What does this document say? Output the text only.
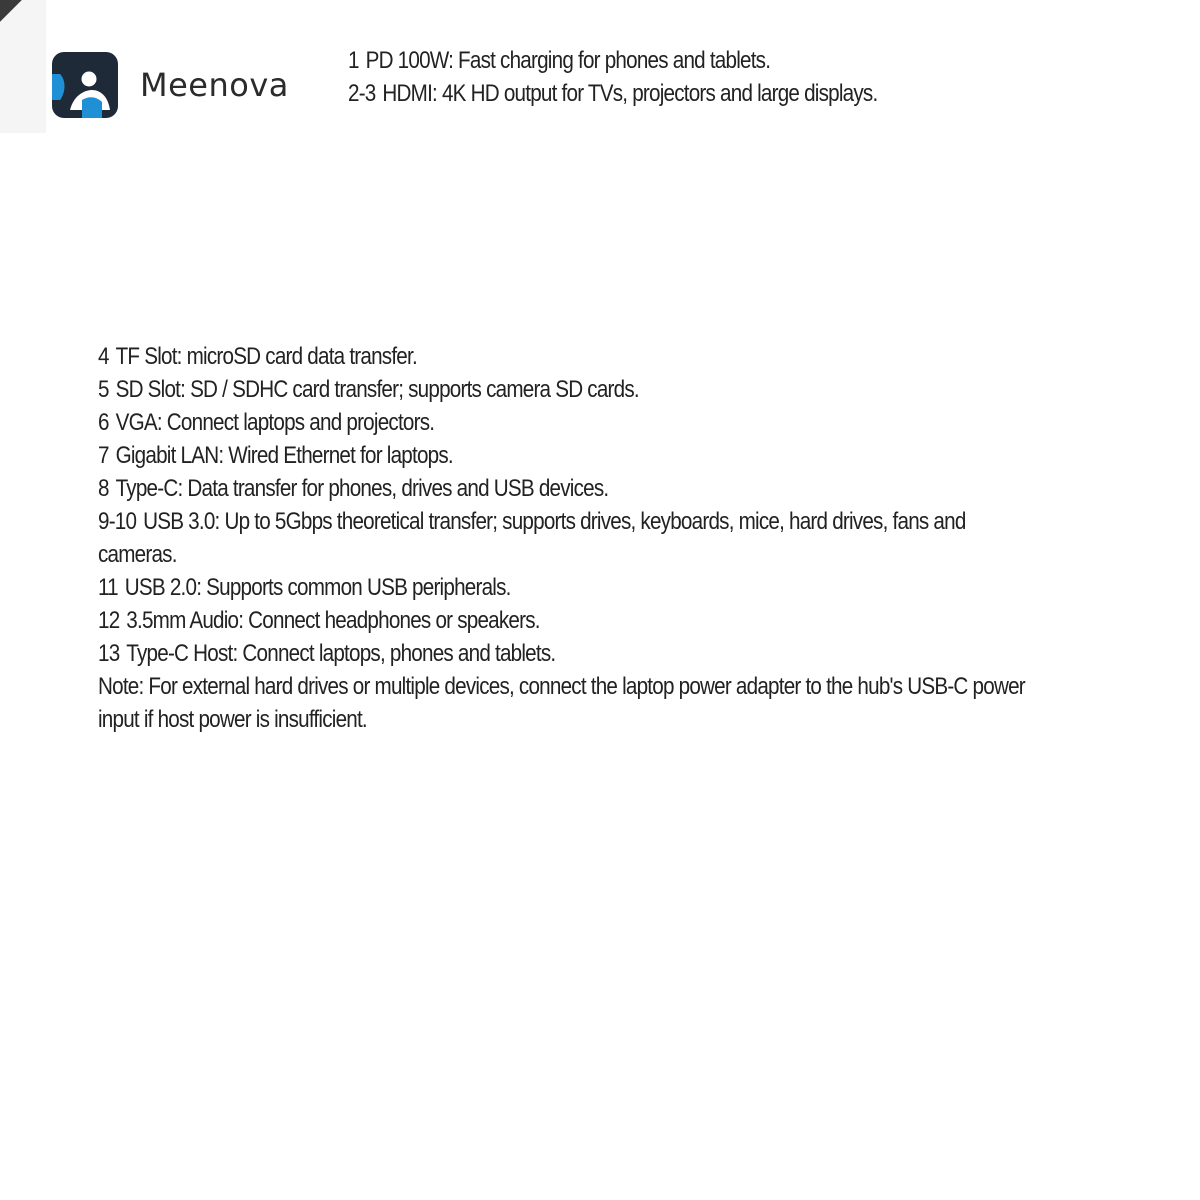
Meenova
1 PD 100W: Fast charging for phones and tablets.
2-3 HDMI: 4K HD output for TVs, projectors and large displays.
4 TF Slot: microSD card data transfer.
5 SD Slot: SD / SDHC card transfer; supports camera SD cards.
6 VGA: Connect laptops and projectors.
7 Gigabit LAN: Wired Ethernet for laptops.
8 Type-C: Data transfer for phones, drives and USB devices.
9-10 USB 3.0: Up to 5Gbps theoretical transfer; supports drives, keyboards, mice, hard drives, fans and cameras.
11 USB 2.0: Supports common USB peripherals.
12 3.5mm Audio: Connect headphones or speakers.
13 Type-C Host: Connect laptops, phones and tablets.
Note: For external hard drives or multiple devices, connect the laptop power adapter to the hub's USB-C power input if host power is insufficient.
